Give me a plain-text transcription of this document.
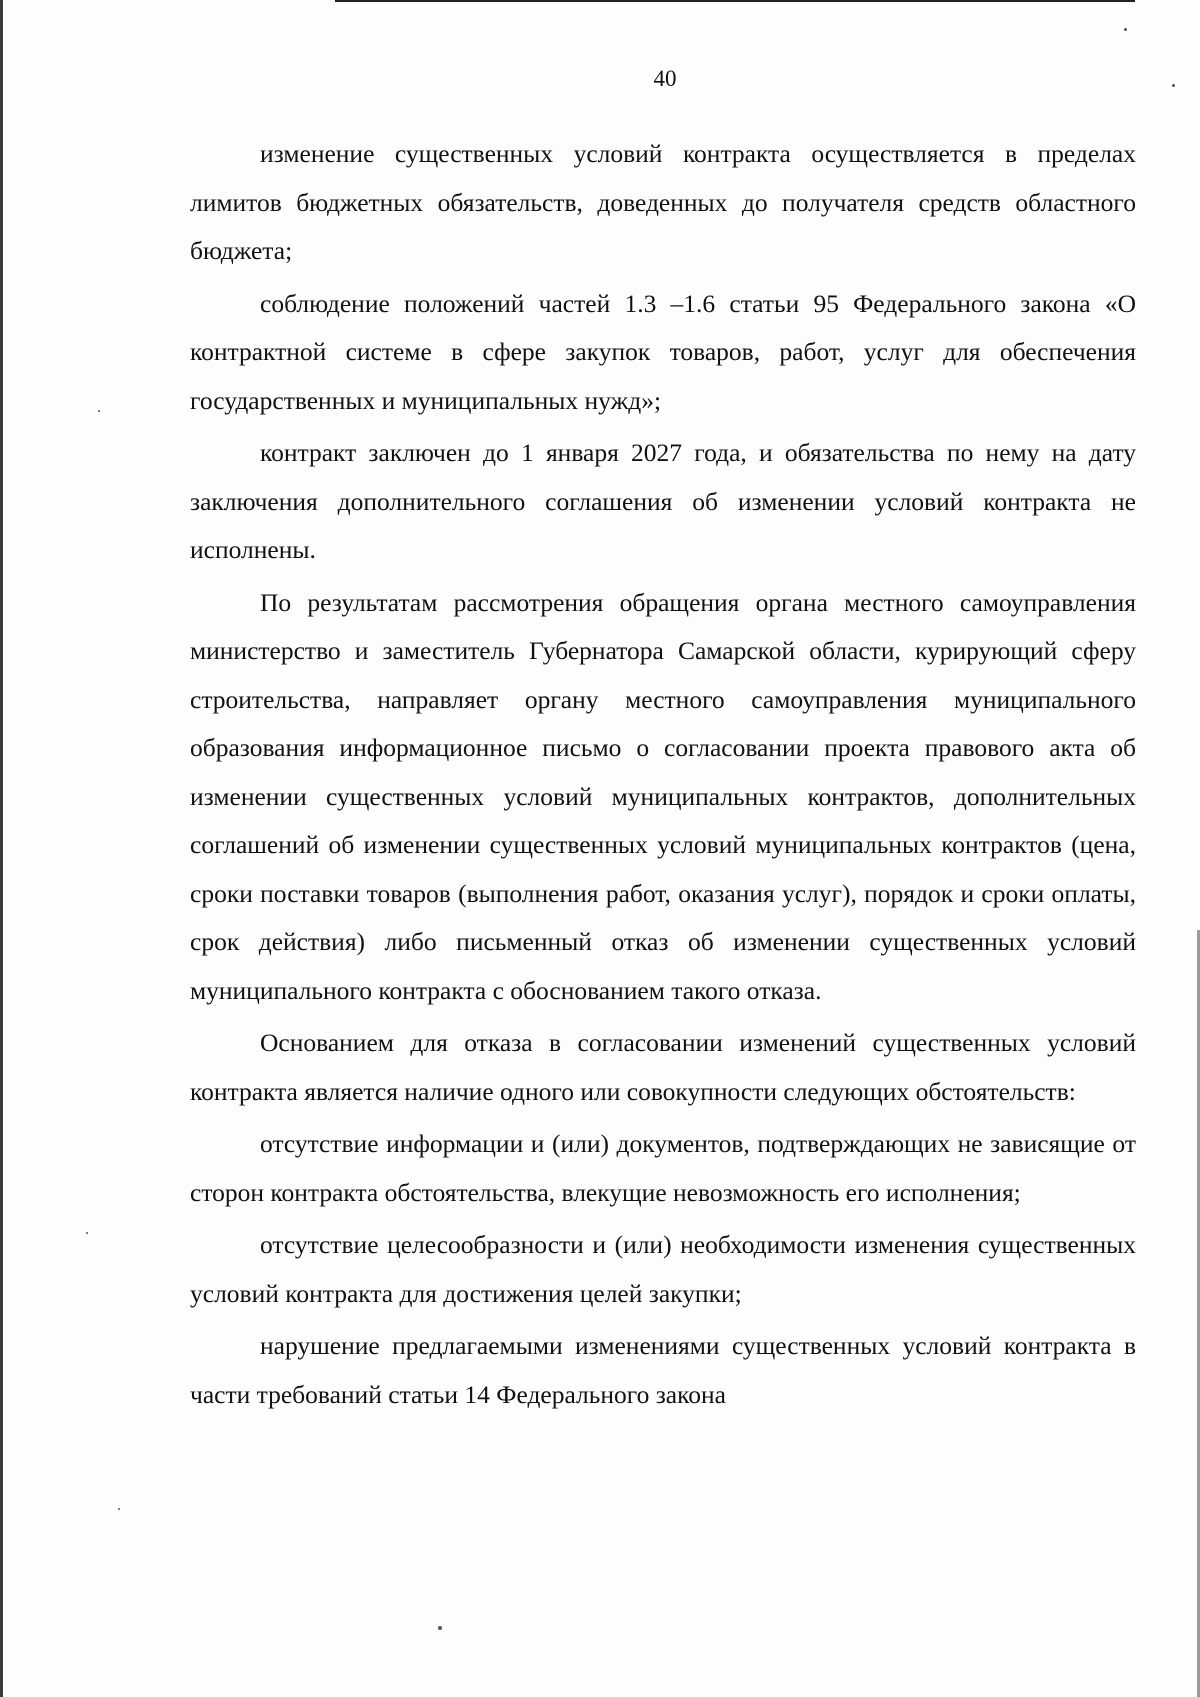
40

изменение существенных условий контракта осуществляется в пределах лимитов бюджетных обязательств, доведенных до получателя средств областного бюджета;

соблюдение положений частей 1.3 –1.6 статьи 95 Федерального закона «О контрактной системе в сфере закупок товаров, работ, услуг для обеспечения государственных и муниципальных нужд»;

контракт заключен до 1 января 2027 года, и обязательства по нему на дату заключения дополнительного соглашения об изменении условий контракта не исполнены.

По результатам рассмотрения обращения органа местного самоуправления министерство и заместитель Губернатора Самарской области, курирующий сферу строительства, направляет органу местного самоуправления муниципального образования информационное письмо о согласовании проекта правового акта об изменении существенных условий муниципальных контрактов, дополнительных соглашений об изменении существенных условий муниципальных контрактов (цена, сроки поставки товаров (выполнения работ, оказания услуг), порядок и сроки оплаты, срок действия) либо письменный отказ об изменении существенных условий муниципального контракта с обоснованием такого отказа.

Основанием для отказа в согласовании изменений существенных условий контракта является наличие одного или совокупности следующих обстоятельств:

отсутствие информации и (или) документов, подтверждающих не зависящие от сторон контракта обстоятельства, влекущие невозможность его исполнения;

отсутствие целесообразности и (или) необходимости изменения существенных условий контракта для достижения целей закупки;

нарушение предлагаемыми изменениями существенных условий контракта в части требований статьи 14 Федерального закона
